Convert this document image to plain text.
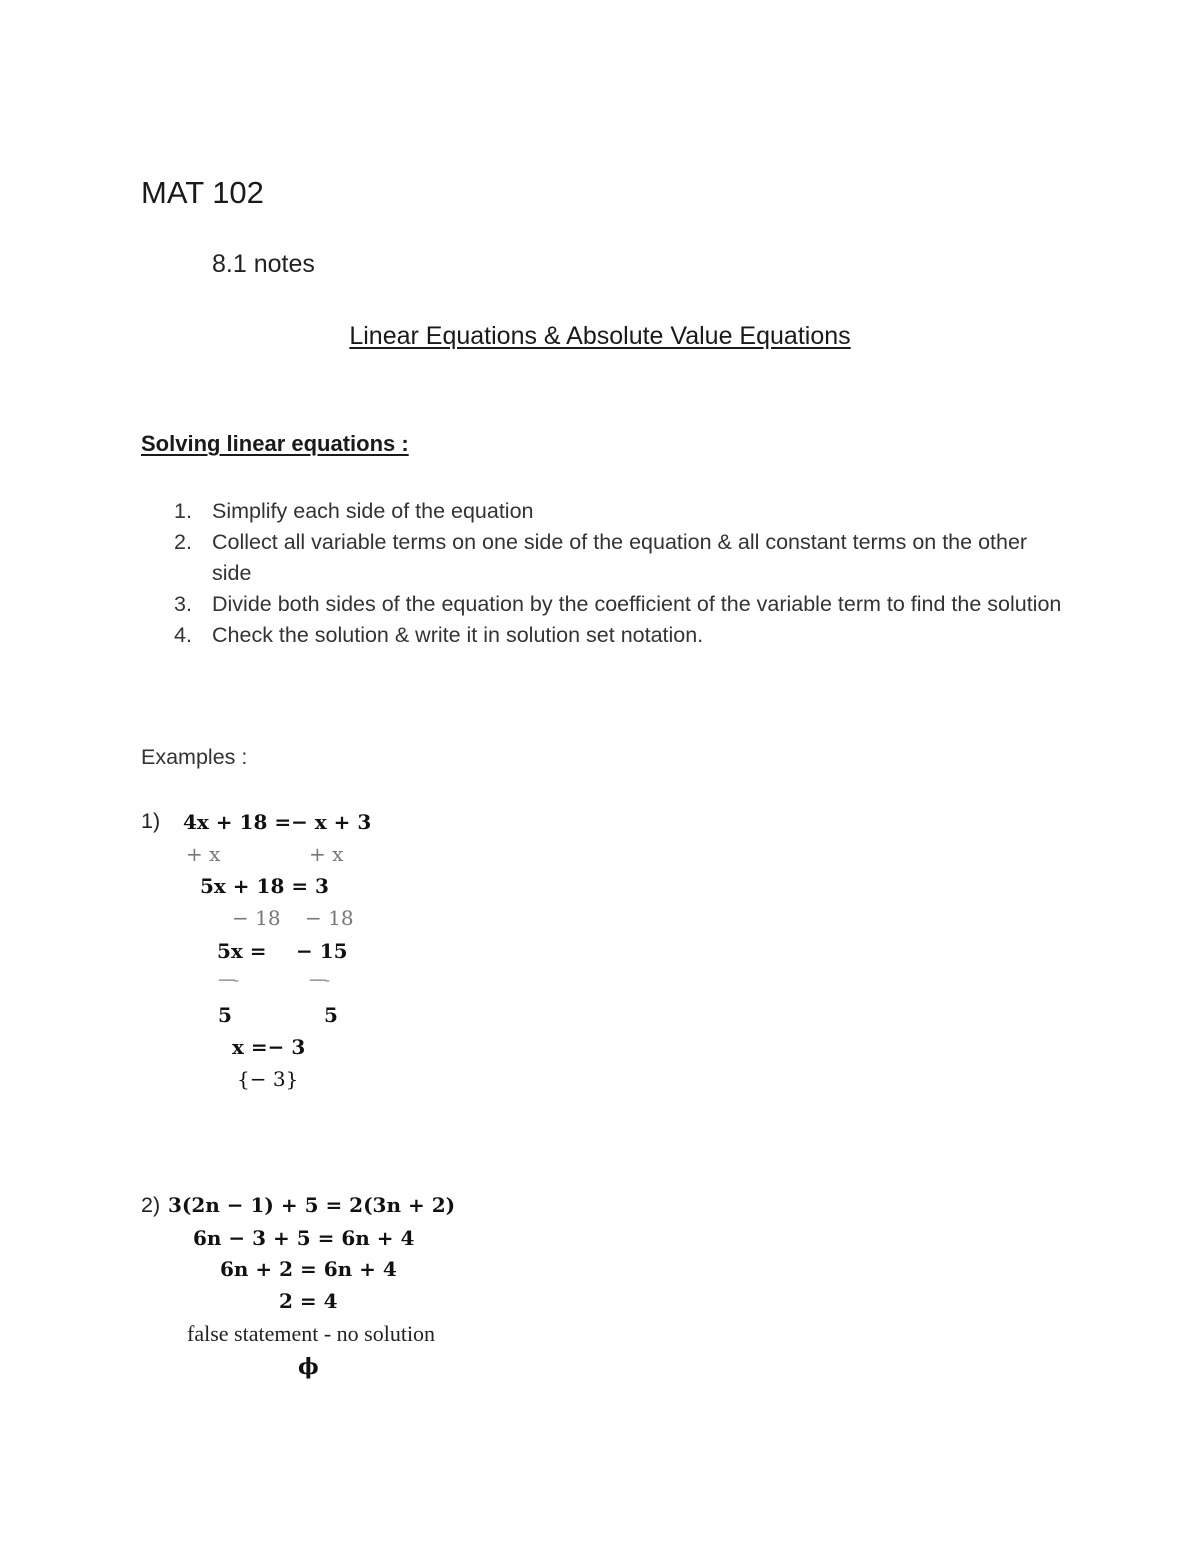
MAT 102
8.1 notes
Linear Equations & Absolute Value Equations
Solving linear equations :
1. Simplify each side of the equation
2. Collect all variable terms on one side of the equation & all constant terms on the other side
3. Divide both sides of the equation by the coefficient of the variable term to find the solution
4. Check the solution & write it in solution set notation.
Examples :
1) 4x + 18 =− x + 3
+ x	+ x
5x + 18 = 3
− 18 − 18
5x = − 15
──-	──-
5	5
x =− 3
{− 3}
2) 3(2n − 1) + 5 = 2(3n + 2)
6n − 3 + 5 = 6n + 4
6n + 2 = 6n + 4
2 = 4
false statement - no solution
ϕ
